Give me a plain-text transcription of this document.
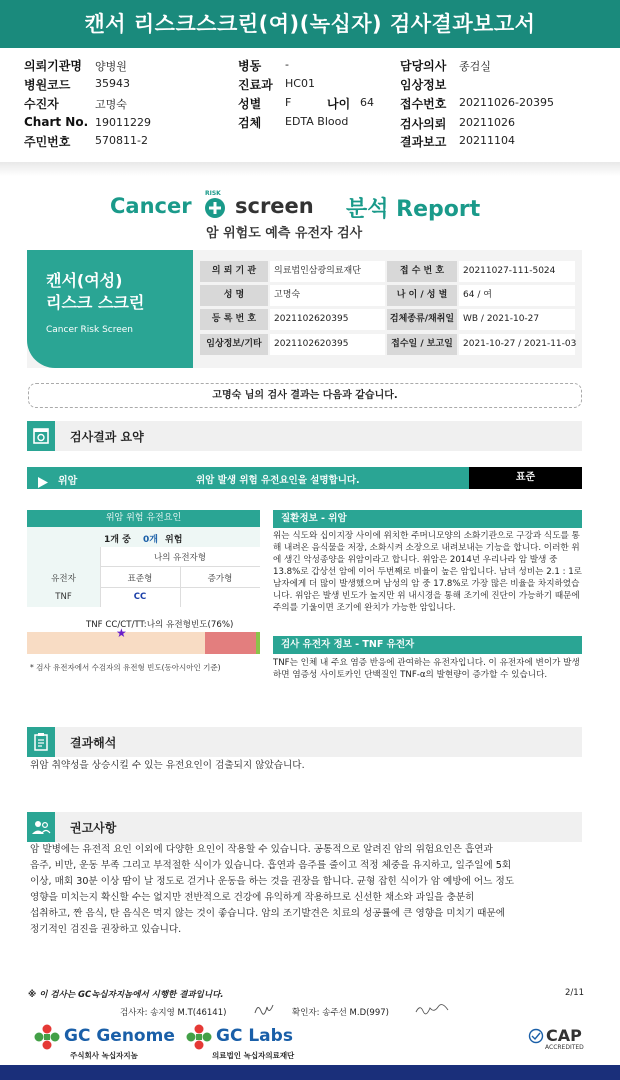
캔서 리스크스크린(여)(녹십자) 검사결과보고서
의뢰기관명 양병원
병원코드 35943
수진자	고명숙
Chart No. 19011229
주민번호 570811-2
병동 -
진료과 HC01
성별 F	나이 64
검체 EDTA Blood
담당의사 종검실
임상정보
접수번호 20211026-20395
검사의뢰 20211026
결과보고 20211104
Cancer
RISK
screen 분석 Report
암 위험도 예측 유전자 검사
캔서(여성)
리스크 스크린
Cancer Risk Screen
의 뢰 기 관	의료법인삼광의료재단	접 수 번 호	20211027-111-5024
성 명	고명숙	나 이 / 성 별	64 / 여
등 록 번 호	2021102620395	검체종류/채취일 WB / 2021-10-27
임상정보/기타	2021102620395	접수일 / 보고일	2021-10-27 / 2021-11-03
고명숙 님의 검사 결과는 다음과 같습니다.
검사결과 요약
위암	위암 발생 위험 유전요인을 설명합니다.	표준
위암 위험 유전요인
1개 중 0개 위험
나의 유전자형
유전자	표준형	증가형
TNF	CC
TNF CC/CT/TT:나의 유전형빈도(76%)
★
* 검사 유전자에서 수검자의 유전형 빈도(동아시아인 기준)
질환정보 - 위암
위는 식도와 십이지장 사이에 위치한 주머니모양의 소화기관으로 구강과 식도를 통해 내려온 음식물을 저장, 소화시켜 소장으로 내려보내는 기능을 합니다. 이러한 위에 생긴 악성종양을 위암이라고 합니다. 위암은 2014년 우리나라 암 발생 중 13.8%로 갑상선 암에 이어 두번째로 비율이 높은 암입니다. 남녀 성비는 2.1 : 1로 남자에게 더 많이 발생했으며 남성의 암 중 17.8%로 가장 많은 비율을 차지하였습니다. 위암은 발생 빈도가 높지만 위 내시경을 통해 조기에 진단이 가능하기 때문에 주의를 기울이면 조기에 완치가 가능한 암입니다.
검사 유전자 정보 - TNF 유전자
TNF는 인체 내 주요 염증 반응에 관여하는 유전자입니다. 이 유전자에 변이가 발생하면 염증성 사이토카인 단백질인 TNF-α의 발현량이 증가할 수 있습니다.
결과해석
위암 취약성을 상승시킬 수 있는 유전요인이 검출되지 않았습니다.
권고사항
암 발병에는 유전적 요인 이외에 다양한 요인이 작용할 수 있습니다. 공통적으로 알려진 암의 위험요인은 흡연과
음주, 비만, 운동 부족 그리고 부적절한 식이가 있습니다. 흡연과 음주를 줄이고 적정 체중을 유지하고, 일주일에 5회
이상, 매회 30분 이상 땀이 날 정도로 걷거나 운동을 하는 것을 권장을 합니다. 균형 잡힌 식이가 암 예방에 어느 정도
영향을 미치는지 확신할 수는 없지만 전반적으로 건강에 유익하게 작용하므로 신선한 채소와 과일을 충분히
섭취하고, 짠 음식, 탄 음식은 먹지 않는 것이 좋습니다. 암의 조기발견은 치료의 성공률에 큰 영향을 미치기 때문에
정기적인 검진을 권장하고 있습니다.
※ 이 검사는 GC녹십자지놈에서 시행한 결과입니다.	2/11
검사자: 송지영 M.T(46141)	확인자: 송주선 M.D(997)
GC Genome
주식회사 녹십자지놈
GC Labs
의료법인 녹십자의료재단
CAP
ACCREDITED
